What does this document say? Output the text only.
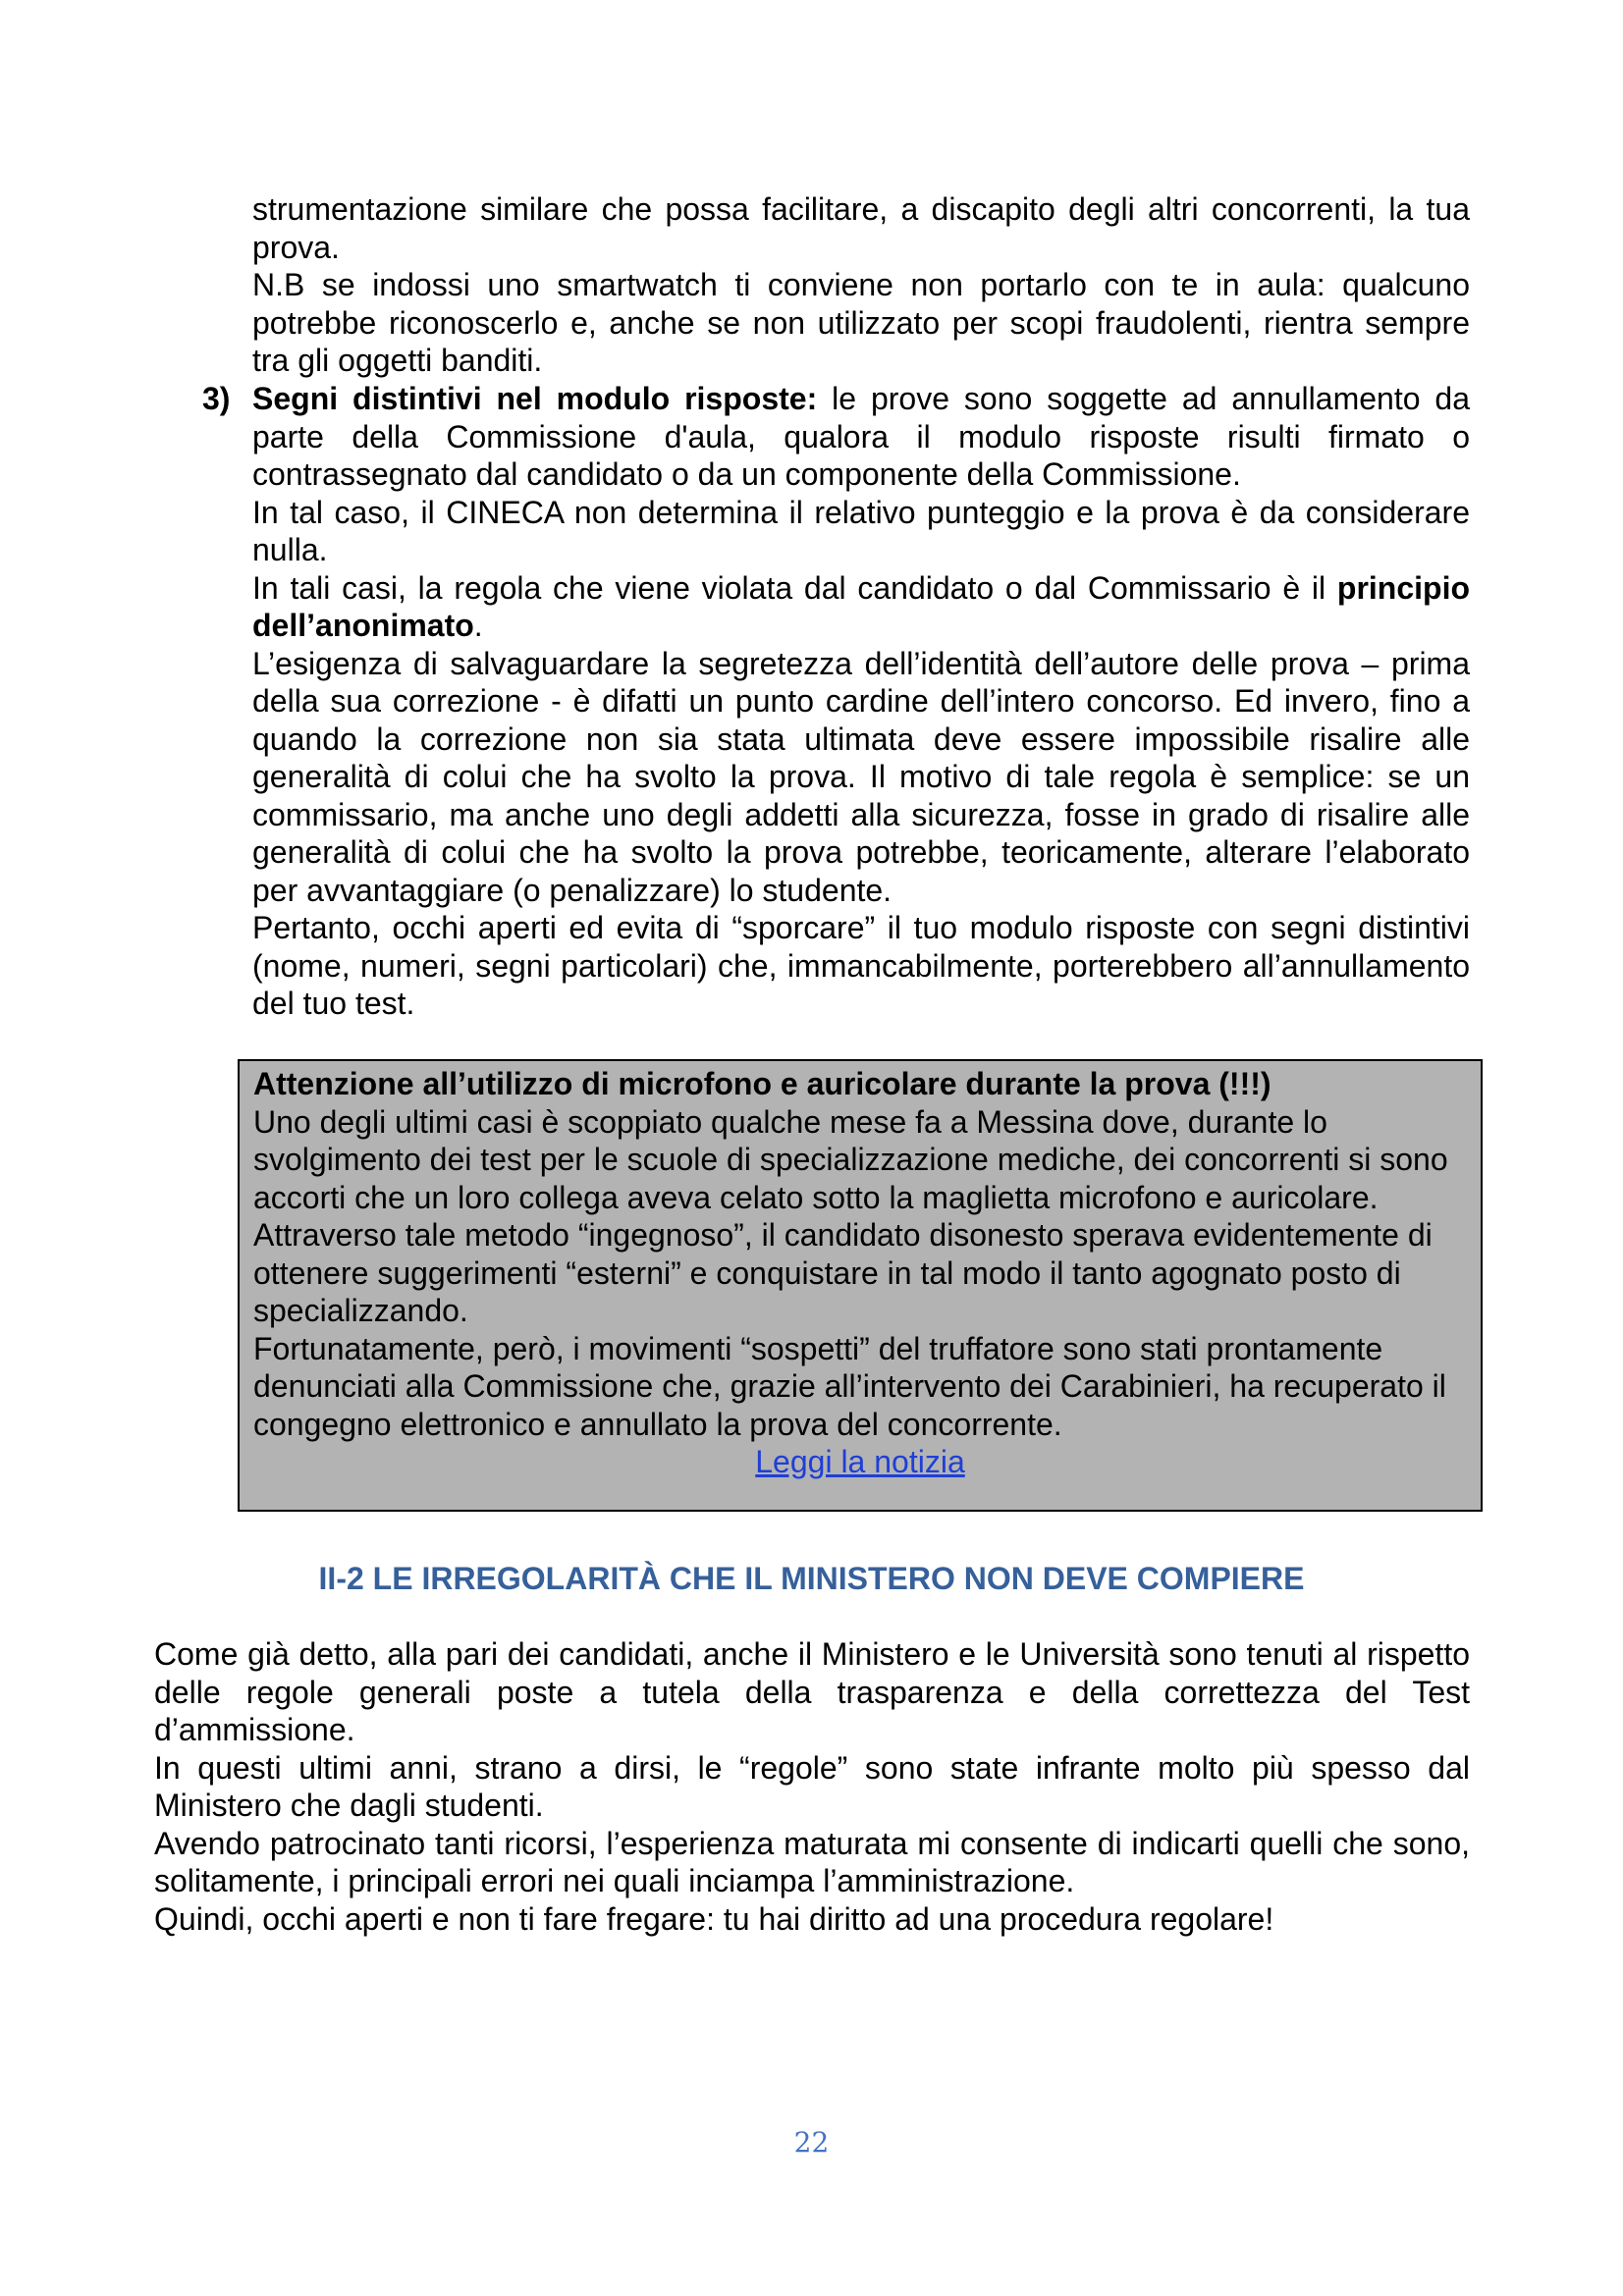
strumentazione similare che possa facilitare, a discapito degli altri concorrenti, la tua prova.

N.B se indossi uno smartwatch ti conviene non portarlo con te in aula: qualcuno potrebbe riconoscerlo e, anche se non utilizzato per scopi fraudolenti, rientra sempre tra gli oggetti banditi.

3) Segni distintivi nel modulo risposte: le prove sono soggette ad annullamento da parte della Commissione d'aula, qualora il modulo risposte risulti firmato o contrassegnato dal candidato o da un componente della Commissione.

In tal caso, il CINECA non determina il relativo punteggio e la prova è da considerare nulla.

In tali casi, la regola che viene violata dal candidato o dal Commissario è il principio dell’anonimato.

L’esigenza di salvaguardare la segretezza dell’identità dell’autore delle prova – prima della sua correzione - è difatti un punto cardine dell’intero concorso. Ed invero, fino a quando la correzione non sia stata ultimata deve essere impossibile risalire alle generalità di colui che ha svolto la prova. Il motivo di tale regola è semplice: se un commissario, ma anche uno degli addetti alla sicurezza, fosse in grado di risalire alle generalità di colui che ha svolto la prova potrebbe, teoricamente, alterare l’elaborato per avvantaggiare (o penalizzare) lo studente.

Pertanto, occhi aperti ed evita di “sporcare” il tuo modulo risposte con segni distintivi (nome, numeri, segni particolari) che, immancabilmente, porterebbero all’annullamento del tuo test.

Attenzione all’utilizzo di microfono e auricolare durante la prova (!!!)

Uno degli ultimi casi è scoppiato qualche mese fa a Messina dove, durante lo svolgimento dei test per le scuole di specializzazione mediche, dei concorrenti si sono accorti che un loro collega aveva celato sotto la maglietta microfono e auricolare.

Attraverso tale metodo “ingegnoso”, il candidato disonesto sperava evidentemente di ottenere suggerimenti “esterni” e conquistare in tal modo il tanto agognato posto di specializzando.

Fortunatamente, però, i movimenti “sospetti” del truffatore sono stati prontamente denunciati alla Commissione che, grazie all’intervento dei Carabinieri, ha recuperato il congegno elettronico e annullato la prova del concorrente.

Leggi la notizia

II-2 LE IRREGOLARITÀ CHE IL MINISTERO NON DEVE COMPIERE

Come già detto, alla pari dei candidati, anche il Ministero e le Università sono tenuti al rispetto delle regole generali poste a tutela della trasparenza e della correttezza del Test d’ammissione.

In questi ultimi anni, strano a dirsi, le “regole” sono state infrante molto più spesso dal Ministero che dagli studenti.

Avendo patrocinato tanti ricorsi, l’esperienza maturata mi consente di indicarti quelli che sono, solitamente, i principali errori nei quali inciampa l’amministrazione.

Quindi, occhi aperti e non ti fare fregare: tu hai diritto ad una procedura regolare!

22
